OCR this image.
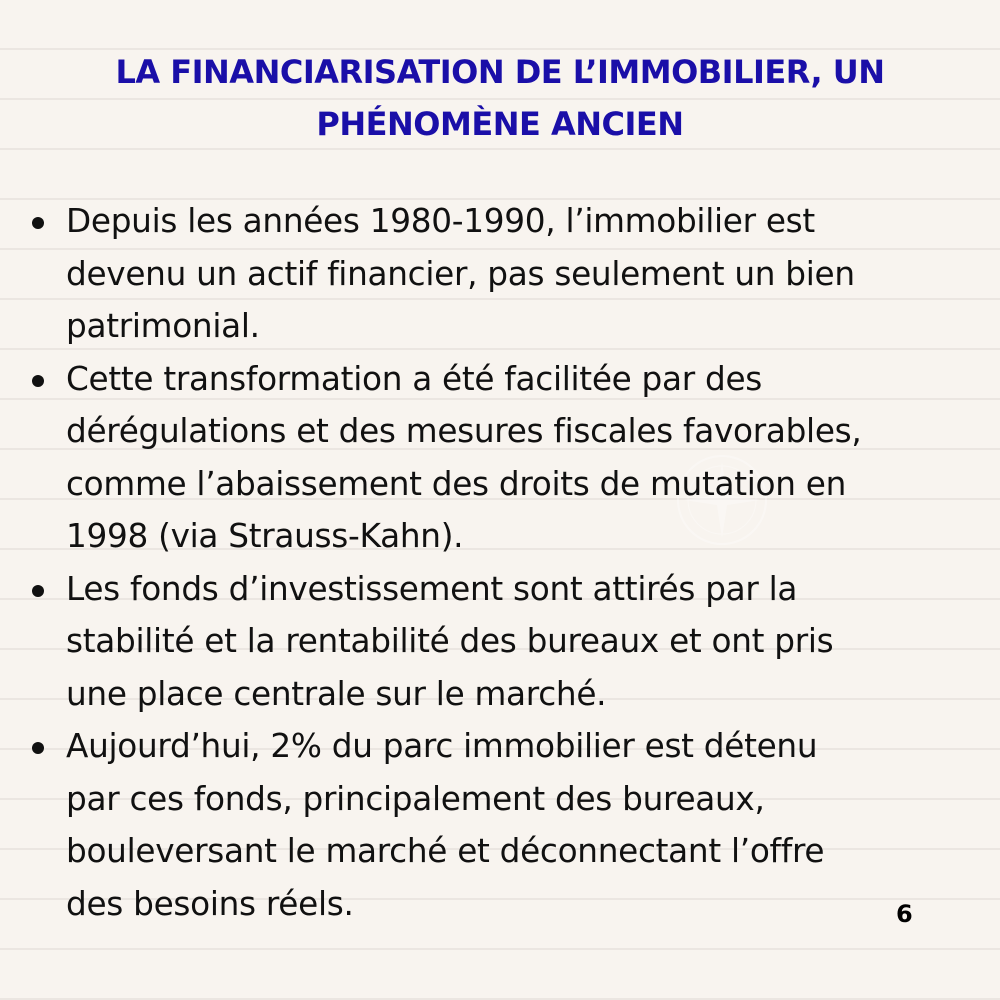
LA FINANCIARISATION DE L’IMMOBILIER, UN
PHÉNOMÈNE ANCIEN
Depuis les années 1980-1990, l’immobilier est
devenu un actif financier, pas seulement un bien
patrimonial.
Cette transformation a été facilitée par des
dérégulations et des mesures fiscales favorables,
comme l’abaissement des droits de mutation en
1998 (via Strauss-Kahn).
Les fonds d’investissement sont attirés par la
stabilité et la rentabilité des bureaux et ont pris
une place centrale sur le marché.
Aujourd’hui, 2% du parc immobilier est détenu
par ces fonds, principalement des bureaux,
bouleversant le marché et déconnectant l’offre
des besoins réels.	6
